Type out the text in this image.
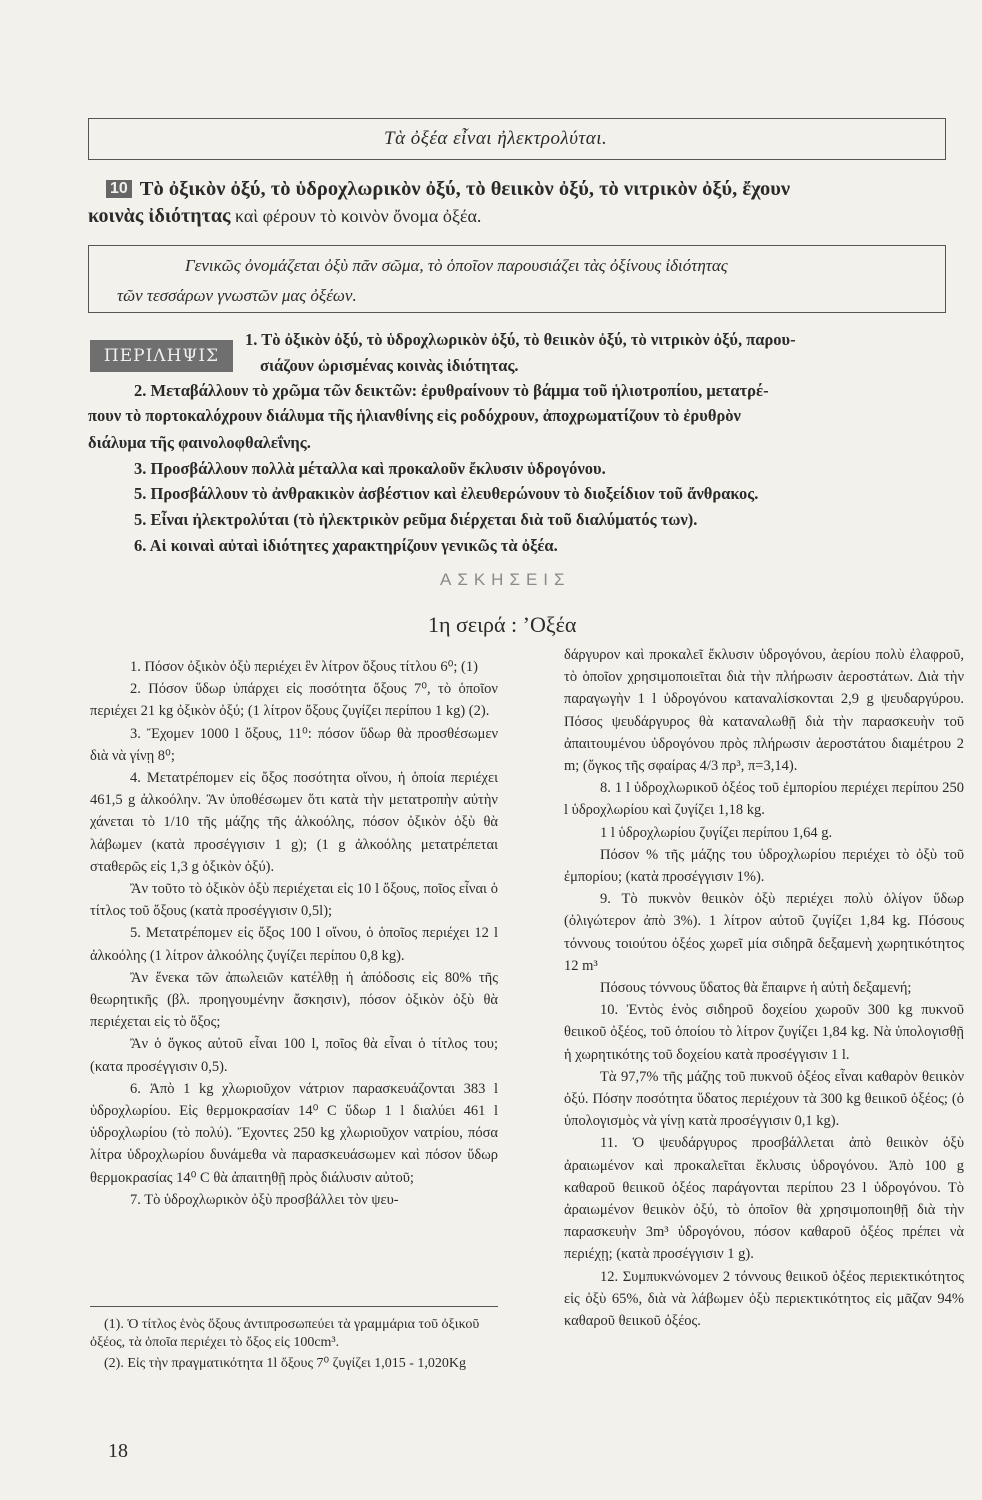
Τὰ ὀξέα εἶναι ἠλεκτρολύται.
10 Τὸ ὀξικὸν ὀξύ, τὸ ὑδροχλωρικὸν ὀξύ, τὸ θειικὸν ὀξύ, τὸ νιτρικὸν ὀξύ, ἔχουν
κοινὰς ἰδιότητας καὶ φέρουν τὸ κοινὸν ὄνομα ὀξέα.
Γενικῶς ὀνομάζεται ὀξὺ πᾶν σῶμα, τὸ ὁποῖον παρουσιάζει τὰς ὀξίνους ἰδιότητας
τῶν τεσσάρων γνωστῶν μας ὀξέων.
ΠΕΡΙΛΗΨΙΣ
1. Τὸ ὀξικὸν ὀξύ, τὸ ὑδροχλωρικὸν ὀξύ, τὸ θειικὸν ὀξύ, τὸ νιτρικὸν ὀξύ, παρου-
σιάζουν ὡρισμένας κοινὰς ἰδιότητας.
2. Μεταβάλλουν τὸ χρῶμα τῶν δεικτῶν: ἐρυθραίνουν τὸ βάμμα τοῦ ἡλιοτροπίου, μετατρέ-
πουν τὸ πορτοκαλόχρουν διάλυμα τῆς ἡλιανθίνης εἰς ροδόχρουν, ἀποχρωματίζουν τὸ ἐρυθρὸν
διάλυμα τῆς φαινολοφθαλεΐνης.
3. Προσβάλλουν πολλὰ μέταλλα καὶ προκαλοῦν ἔκλυσιν ὑδρογόνου.
5. Προσβάλλουν τὸ ἀνθρακικὸν ἀσβέστιον καὶ ἐλευθερώνουν τὸ διοξείδιον τοῦ ἄνθρακος.
5. Εἶναι ἠλεκτρολύται (τὸ ἠλεκτρικὸν ρεῦμα διέρχεται διὰ τοῦ διαλύματός των).
6. Αἱ κοιναὶ αὐταὶ ἰδιότητες χαρακτηρίζουν γενικῶς τὰ ὀξέα.
ΑΣΚΗΣΕΙΣ
1η σειρά : ’Οξέα

1. Πόσον ὀξικὸν ὀξὺ περιέχει ἓν λίτρον ὄξους τίτλου 6⁰; (1)

2. Πόσον ὕδωρ ὑπάρχει εἰς ποσότητα ὄξους 7⁰, τὸ ὁποῖον περιέχει 21 kg ὀξικὸν ὀξύ; (1 λίτρον ὄξους ζυγίζει περίπου 1 kg) (2).

3. Ἔχομεν 1000 l ὄξους, 11⁰: πόσον ὕδωρ θὰ προσθέσωμεν διὰ νὰ γίνῃ 8⁰;

4. Μετατρέπομεν εἰς ὄξος ποσότητα οἴνου, ἡ ὁποία περιέχει 461,5 g ἀλκοόλην. Ἂν ὑποθέσωμεν ὅτι κατὰ τὴν μετατροπὴν αὐτὴν χάνεται τὸ 1/10 τῆς μάζης τῆς ἀλκοόλης, πόσον ὀξικὸν ὀξὺ θὰ λάβωμεν (κατὰ προσέγγισιν 1 g); (1 g ἀλκοόλης μετατρέπεται σταθερῶς εἰς 1,3 g ὀξικὸν ὀξύ).

Ἂν τοῦτο τὸ ὀξικὸν ὀξὺ περιέχεται εἰς 10 l ὄξους, ποῖος εἶναι ὁ τίτλος τοῦ ὄξους (κατὰ προσέγγισιν 0,5l);

5. Μετατρέπομεν εἰς ὄξος 100 l οἴνου, ὁ ὁποῖος περιέχει 12 l ἀλκοόλης (1 λίτρον ἀλκοόλης ζυγίζει περίπου 0,8 kg).

Ἂν ἕνεκα τῶν ἀπωλειῶν κατέλθῃ ἡ ἀπόδοσις εἰς 80% τῆς θεωρητικῆς (βλ. προηγουμένην ἄσκησιν), πόσον ὀξικὸν ὀξὺ θὰ περιέχεται εἰς τὸ ὄξος;

Ἂν ὁ ὄγκος αὐτοῦ εἶναι 100 l, ποῖος θὰ εἶναι ὁ τίτλος του; (κατα προσέγγισιν 0,5).

6. Ἀπὸ 1 kg χλωριοῦχον νάτριον παρασκευάζονται 383 l ὑδροχλωρίου. Εἰς θερμοκρασίαν 14⁰ C ὕδωρ 1 l διαλύει 461 l ὑδροχλωρίου (τὸ πολύ). Ἔχοντες 250 kg χλωριοῦχον νατρίου, πόσα λίτρα ὑδροχλωρίου δυνάμεθα νὰ παρασκευάσωμεν καὶ πόσον ὕδωρ θερμοκρασίας 14⁰ C θὰ ἀπαιτηθῇ πρὸς διάλυσιν αὐτοῦ;

7. Τὸ ὑδροχλωρικὸν ὀξὺ προσβάλλει τὸν ψευ-

(1). Ὁ τίτλος ἑνὸς ὄξους ἀντιπροσωπεύει τὰ γραμμάρια τοῦ ὀξικοῦ ὀξέος, τὰ ὁποῖα περιέχει τὸ ὄξος εἰς 100cm³.

(2). Εἰς τὴν πραγματικότητα 1l ὄξους 7⁰ ζυγίζει 1,015 - 1,020Kg

δάργυρον καὶ προκαλεῖ ἔκλυσιν ὑδρογόνου, ἀερίου πολὺ ἐλαφροῦ, τὸ ὁποῖον χρησιμοποιεῖται διὰ τὴν πλήρωσιν ἀεροστάτων. Διὰ τὴν παραγωγὴν 1 l ὑδρογόνου καταναλίσκονται 2,9 g ψευδαργύρου. Πόσος ψευδάργυρος θὰ καταναλωθῇ διὰ τὴν παρασκευὴν τοῦ ἀπαιτουμένου ὑδρογόνου πρὸς πλήρωσιν ἀεροστάτου διαμέτρου 2 m; (ὄγκος τῆς σφαίρας 4/3 πρ³, π=3,14).

8. 1 l ὑδροχλωρικοῦ ὀξέος τοῦ ἐμπορίου περιέχει περίπου 250 l ὑδροχλωρίου καὶ ζυγίζει 1,18 kg.

1 l ὑδροχλωρίου ζυγίζει περίπου 1,64 g.

Πόσον % τῆς μάζης του ὑδροχλωρίου περιέχει τὸ ὀξὺ τοῦ ἐμπορίου; (κατὰ προσέγγισιν 1%).

9. Τὸ πυκνὸν θειικὸν ὀξὺ περιέχει πολὺ ὀλίγον ὕδωρ (ὀλιγώτερον ἀπὸ 3%). 1 λίτρον αὐτοῦ ζυγίζει 1,84 kg. Πόσους τόννους τοιούτου ὀξέος χωρεῖ μία σιδηρᾶ δεξαμενὴ χωρητικότητος 12 m³

Πόσους τόννους ὕδατος θὰ ἔπαιρνε ἡ αὐτὴ δεξαμενή;

10. Ἐντὸς ἑνὸς σιδηροῦ δοχείου χωροῦν 300 kg πυκνοῦ θειικοῦ ὀξέος, τοῦ ὁποίου τὸ λίτρον ζυγίζει 1,84 kg. Νὰ ὑπολογισθῇ ἡ χωρητικότης τοῦ δοχείου κατὰ προσέγγισιν 1 l.

Τὰ 97,7% τῆς μάζης τοῦ πυκνοῦ ὀξέος εἶναι καθαρὸν θειικὸν ὀξύ. Πόσην ποσότητα ὕδατος περιέχουν τὰ 300 kg θειικοῦ ὀξέος; (ὁ ὑπολογισμὸς νὰ γίνῃ κατὰ προσέγγισιν 0,1 kg).

11. Ὁ ψευδάργυρος προσβάλλεται ἀπὸ θειικὸν ὀξὺ ἀραιωμένον καὶ προκαλεῖται ἔκλυσις ὑδρογόνου. Ἀπὸ 100 g καθαροῦ θειικοῦ ὀξέος παράγονται περίπου 23 l ὑδρογόνου. Τὸ ἀραιωμένον θειικὸν ὀξύ, τὸ ὁποῖον θὰ χρησιμοποιηθῇ διὰ τὴν παρασκευὴν 3m³ ὑδρογόνου, πόσον καθαροῦ ὀξέος πρέπει νὰ περιέχῃ; (κατὰ προσέγγισιν 1 g).

12. Συμπυκνώνομεν 2 τόννους θειικοῦ ὀξέος περιεκτικότητος εἰς ὀξὺ 65%, διὰ νὰ λάβωμεν ὀξὺ περιεκτικότητος εἰς μᾶζαν 94% καθαροῦ θειικοῦ ὀξέος.

18
